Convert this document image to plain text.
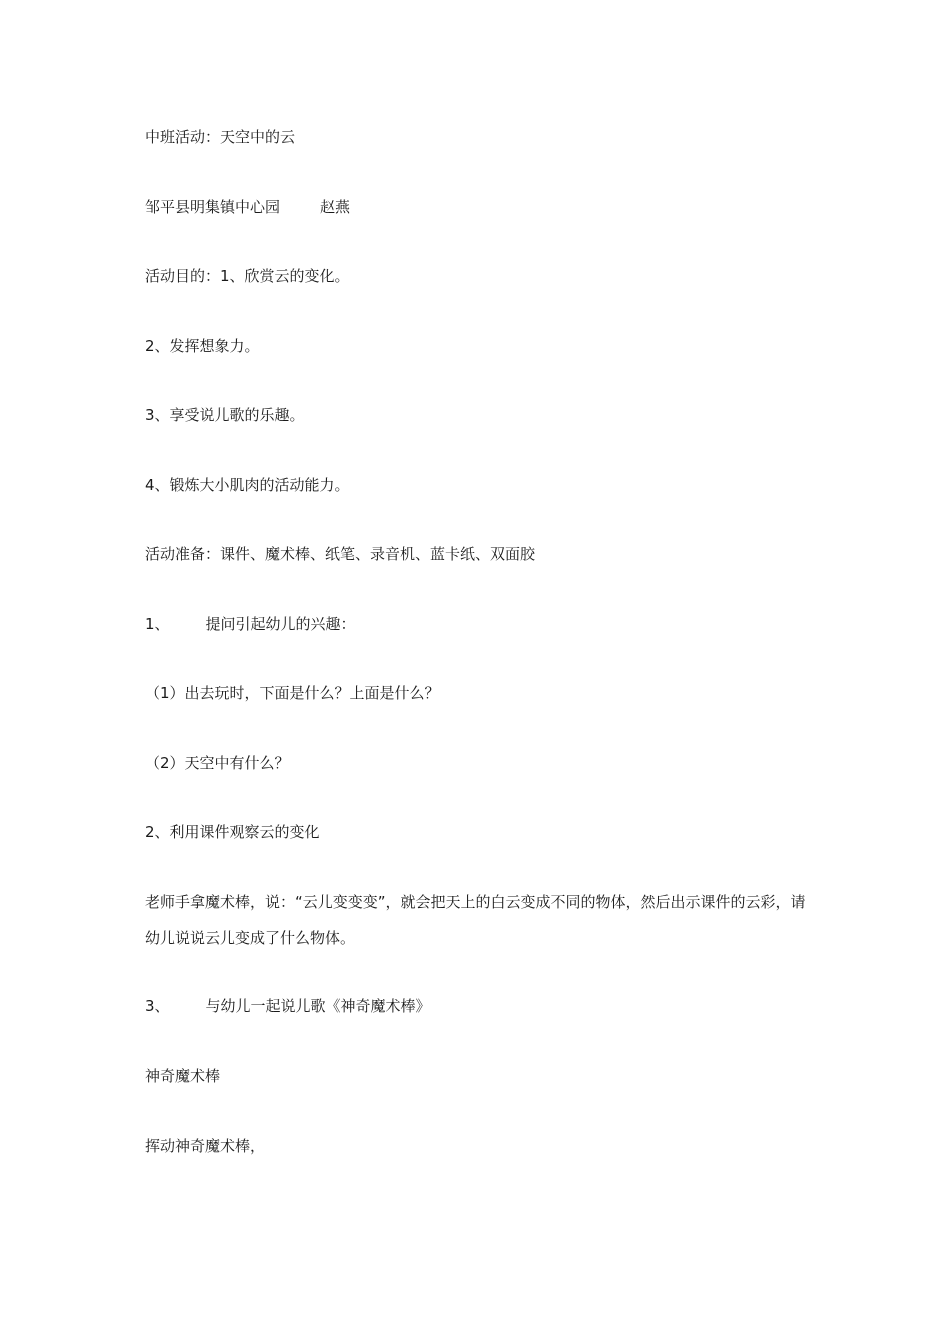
中班活动：天空中的云
邹平县明集镇中心园	赵燕
活动目的：1、欣赏云的变化。
2、发挥想象力。
3、享受说儿歌的乐趣。
4、锻炼大小肌肉的活动能力。
活动准备：课件、魔术棒、纸笔、录音机、蓝卡纸、双面胶
1、 提问引起幼儿的兴趣：
（1）出去玩时，下面是什么？上面是什么？
（2）天空中有什么？
2、利用课件观察云的变化
老师手拿魔术棒，说：“云儿变变变”，就会把天上的白云变成不同的物体，然后出示课件的云彩，请幼儿说说云儿变成了什么物体。
3、 与幼儿一起说儿歌《神奇魔术棒》
神奇魔术棒
挥动神奇魔术棒，
